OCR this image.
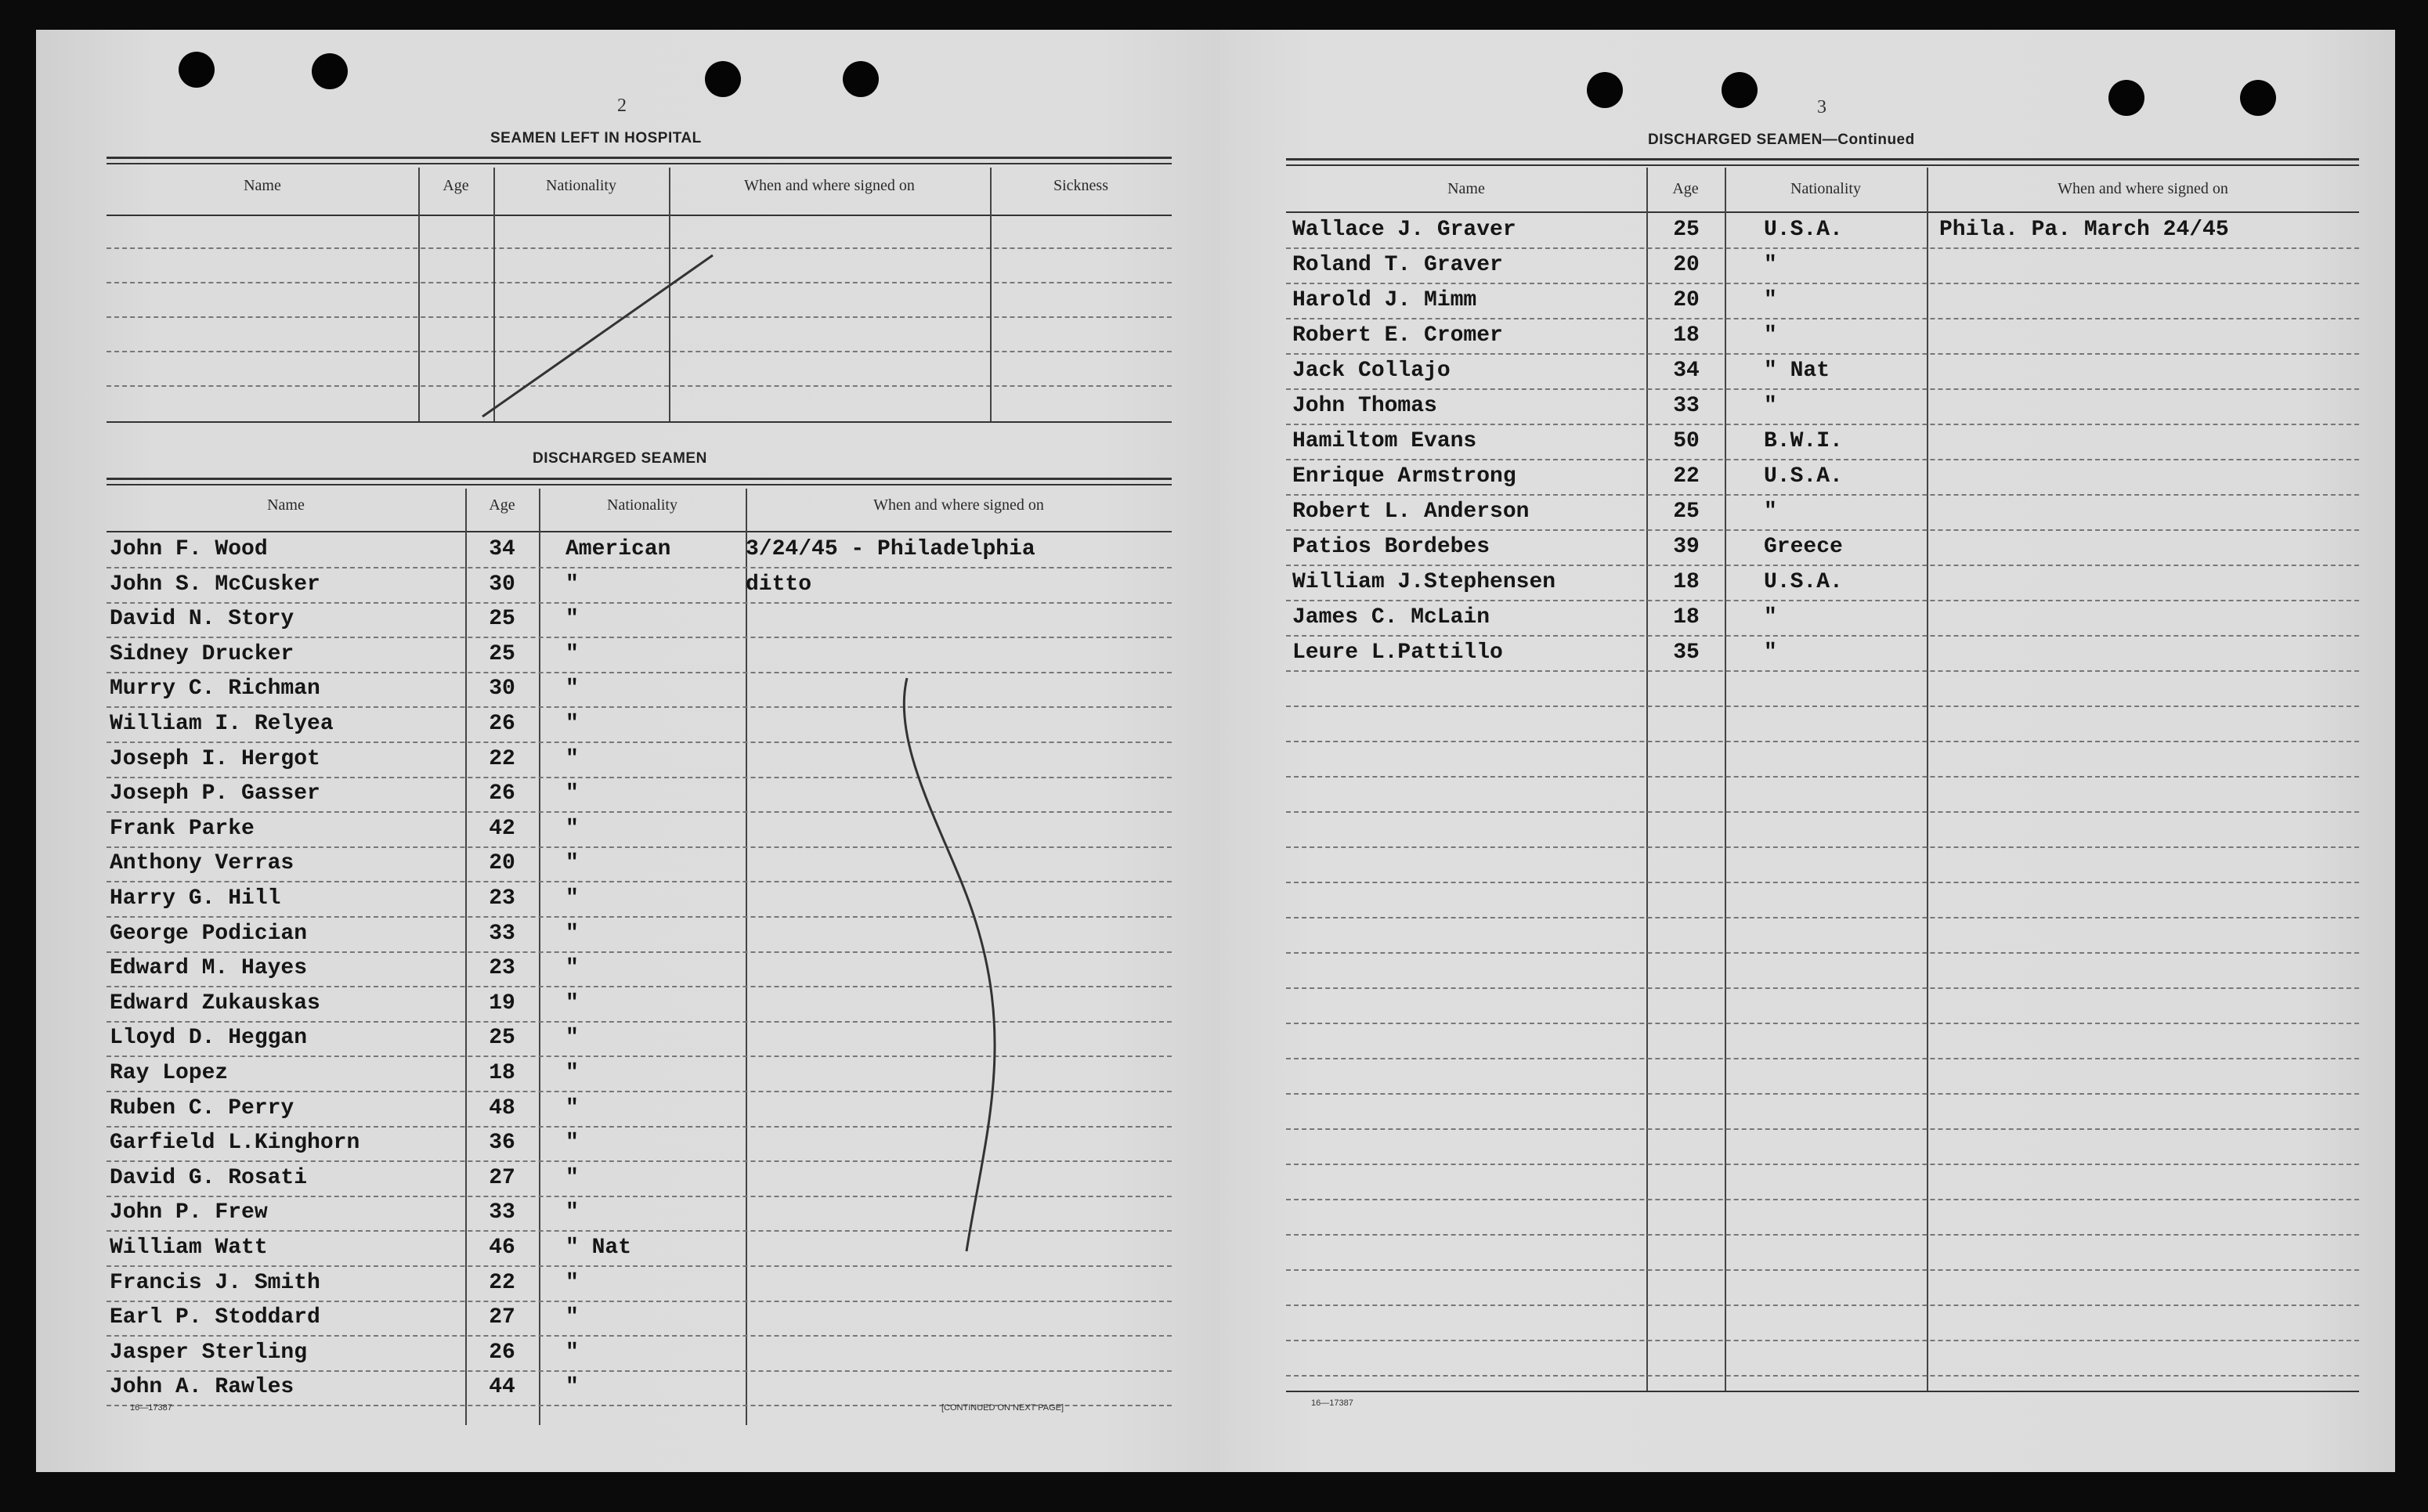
2
SEAMEN LEFT IN HOSPITAL
Name	Age	Nationality	When and where signed on	Sickness
DISCHARGED SEAMEN
Name	Age	Nationality	When and where signed on
John F. Wood	34	American	3/24/45 - Philadelphia
John S. McCusker	30	"	ditto
David N. Story	25	"
Sidney Drucker	25	"
Murry C. Richman	30	"
William I. Relyea	26	"
Joseph I. Hergot	22	"
Joseph P. Gasser	26	"
Frank Parke	42	"
Anthony Verras	20	"
Harry G. Hill	23	"
George Podician	33	"
Edward M. Hayes	23	"
Edward Zukauskas	19	"
Lloyd D. Heggan	25	"
Ray Lopez	18	"
Ruben C. Perry	48	"
Garfield L.Kinghorn	36	"
David G. Rosati	27	"
John P. Frew	33	"
William Watt	46	" Nat
Francis J. Smith	22	"
Earl P. Stoddard	27	"
Jasper Sterling	26	"
John A. Rawles	44	"
16—17387	[CONTINUED ON NEXT PAGE]
3
DISCHARGED SEAMEN—Continued
Name	Age	Nationality	When and where signed on
Wallace J. Graver	25	U.S.A.	Phila. Pa. March 24/45
Roland T. Graver	20	"
Harold J. Mimm	20	"
Robert E. Cromer	18	"
Jack Collajo	34	" Nat
John Thomas	33	"
Hamiltom Evans	50	B.W.I.
Enrique Armstrong	22	U.S.A.
Robert L. Anderson	25	"
Patios Bordebes	39	Greece
William J.Stephensen	18	U.S.A.
James C. McLain	18	"
Leure L.Pattillo	35	"
16—17387
